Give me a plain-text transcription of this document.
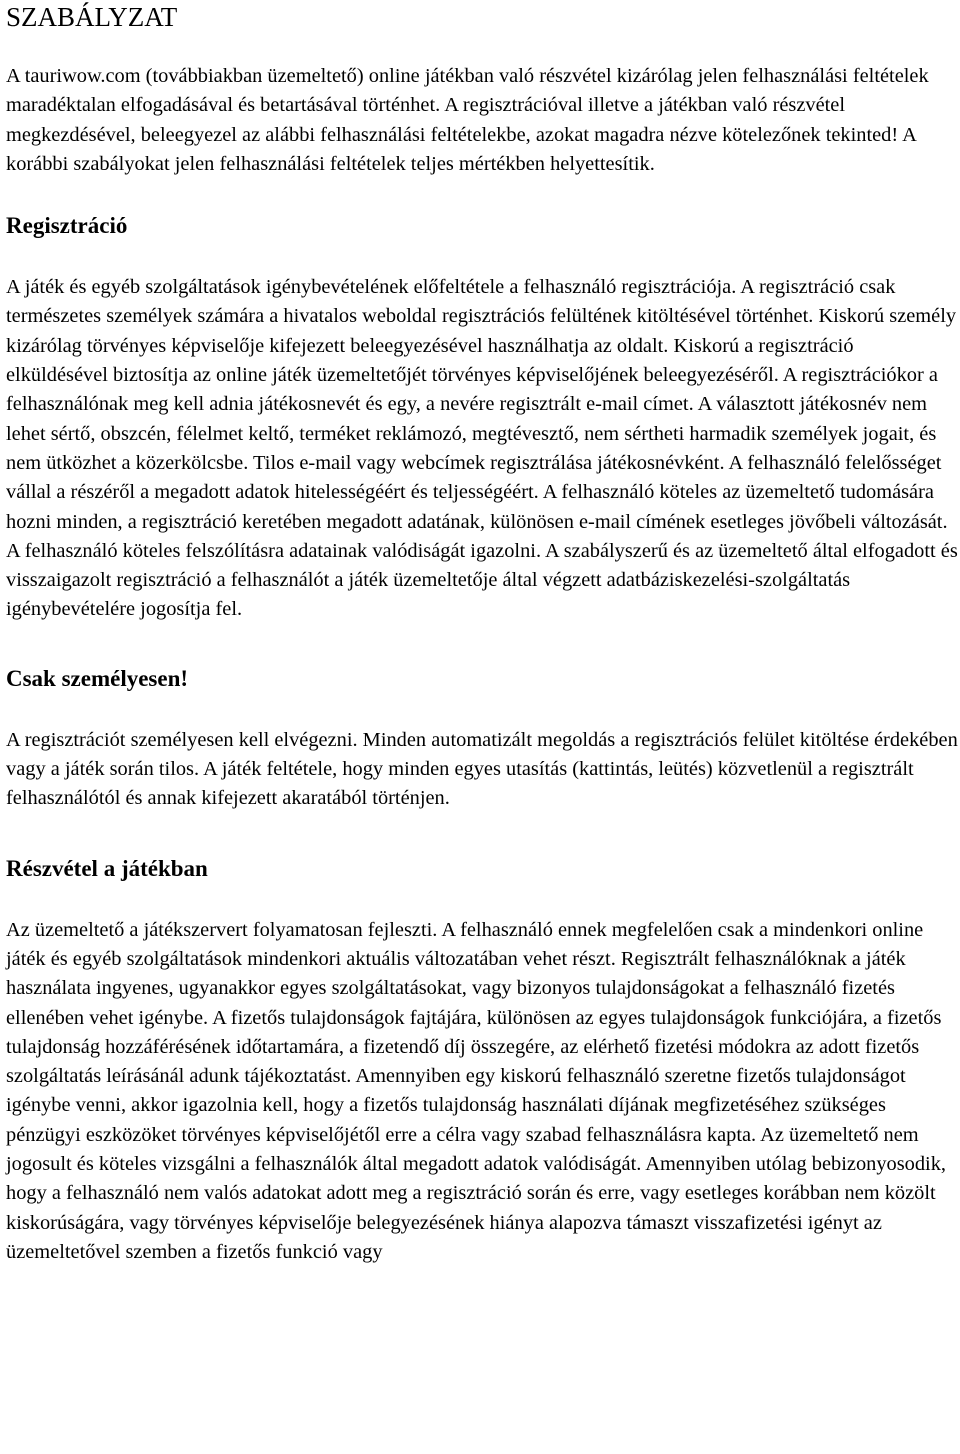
SZABÁLYZAT

A tauriwow.com (továbbiakban üzemeltető) online játékban való részvétel kizárólag jelen felhasználási feltételek maradéktalan elfogadásával és betartásával történhet. A regisztrációval illetve a játékban való részvétel megkezdésével, beleegyezel az alábbi felhasználási feltételekbe, azokat magadra nézve kötelezőnek tekinted! A korábbi szabályokat jelen felhasználási feltételek teljes mértékben helyettesítik.

Regisztráció

A játék és egyéb szolgáltatások igénybevételének előfeltétele a felhasználó regisztrációja. A regisztráció csak természetes személyek számára a hivatalos weboldal regisztrációs felültének kitöltésével történhet. Kiskorú személy kizárólag törvényes képviselője kifejezett beleegyezésével használhatja az oldalt. Kiskorú a regisztráció elküldésével biztosítja az online játék üzemeltetőjét törvényes képviselőjének beleegyezéséről. A regisztrációkor a felhasználónak meg kell adnia játékosnevét és egy, a nevére regisztrált e-mail címet. A választott játékosnév nem lehet sértő, obszcén, félelmet keltő, terméket reklámozó, megtévesztő, nem sértheti harmadik személyek jogait, és nem ütközhet a közerkölcsbe. Tilos e-mail vagy webcímek regisztrálása játékosnévként. A felhasználó felelősséget vállal a részéről a megadott adatok hitelességéért és teljességéért. A felhasználó köteles az üzemeltető tudomására hozni minden, a regisztráció keretében megadott adatának, különösen e-mail címének esetleges jövőbeli változását. A felhasználó köteles felszólításra adatainak valódiságát igazolni. A szabályszerű és az üzemeltető által elfogadott és visszaigazolt regisztráció a felhasználót a játék üzemeltetője által végzett adatbáziskezelési-szolgáltatás igénybevételére jogosítja fel.

Csak személyesen!

A regisztrációt személyesen kell elvégezni. Minden automatizált megoldás a regisztrációs felület kitöltése érdekében vagy a játék során tilos. A játék feltétele, hogy minden egyes utasítás (kattintás, leütés) közvetlenül a regisztrált felhasználótól és annak kifejezett akaratából történjen.

Részvétel a játékban

Az üzemeltető a játékszervert folyamatosan fejleszti. A felhasználó ennek megfelelően csak a mindenkori online játék és egyéb szolgáltatások mindenkori aktuális változatában vehet részt. Regisztrált felhasználóknak a játék használata ingyenes, ugyanakkor egyes szolgáltatásokat, vagy bizonyos tulajdonságokat a felhasználó fizetés ellenében vehet igénybe. A fizetős tulajdonságok fajtájára, különösen az egyes tulajdonságok funkciójára, a fizetős tulajdonság hozzáférésének időtartamára, a fizetendő díj összegére, az elérhető fizetési módokra az adott fizetős szolgáltatás leírásánál adunk tájékoztatást. Amennyiben egy kiskorú felhasználó szeretne fizetős tulajdonságot igénybe venni, akkor igazolnia kell, hogy a fizetős tulajdonság használati díjának megfizetéséhez szükséges pénzügyi eszközöket törvényes képviselőjétől erre a célra vagy szabad felhasználásra kapta. Az üzemeltető nem jogosult és köteles vizsgálni a felhasználók által megadott adatok valódiságát. Amennyiben utólag bebizonyosodik, hogy a felhasználó nem valós adatokat adott meg a regisztráció során és erre, vagy esetleges korábban nem közölt kiskorúságára, vagy törvényes képviselője belegyezésének hiánya alapozva támaszt visszafizetési igényt az üzemeltetővel szemben a fizetős funkció vagy
